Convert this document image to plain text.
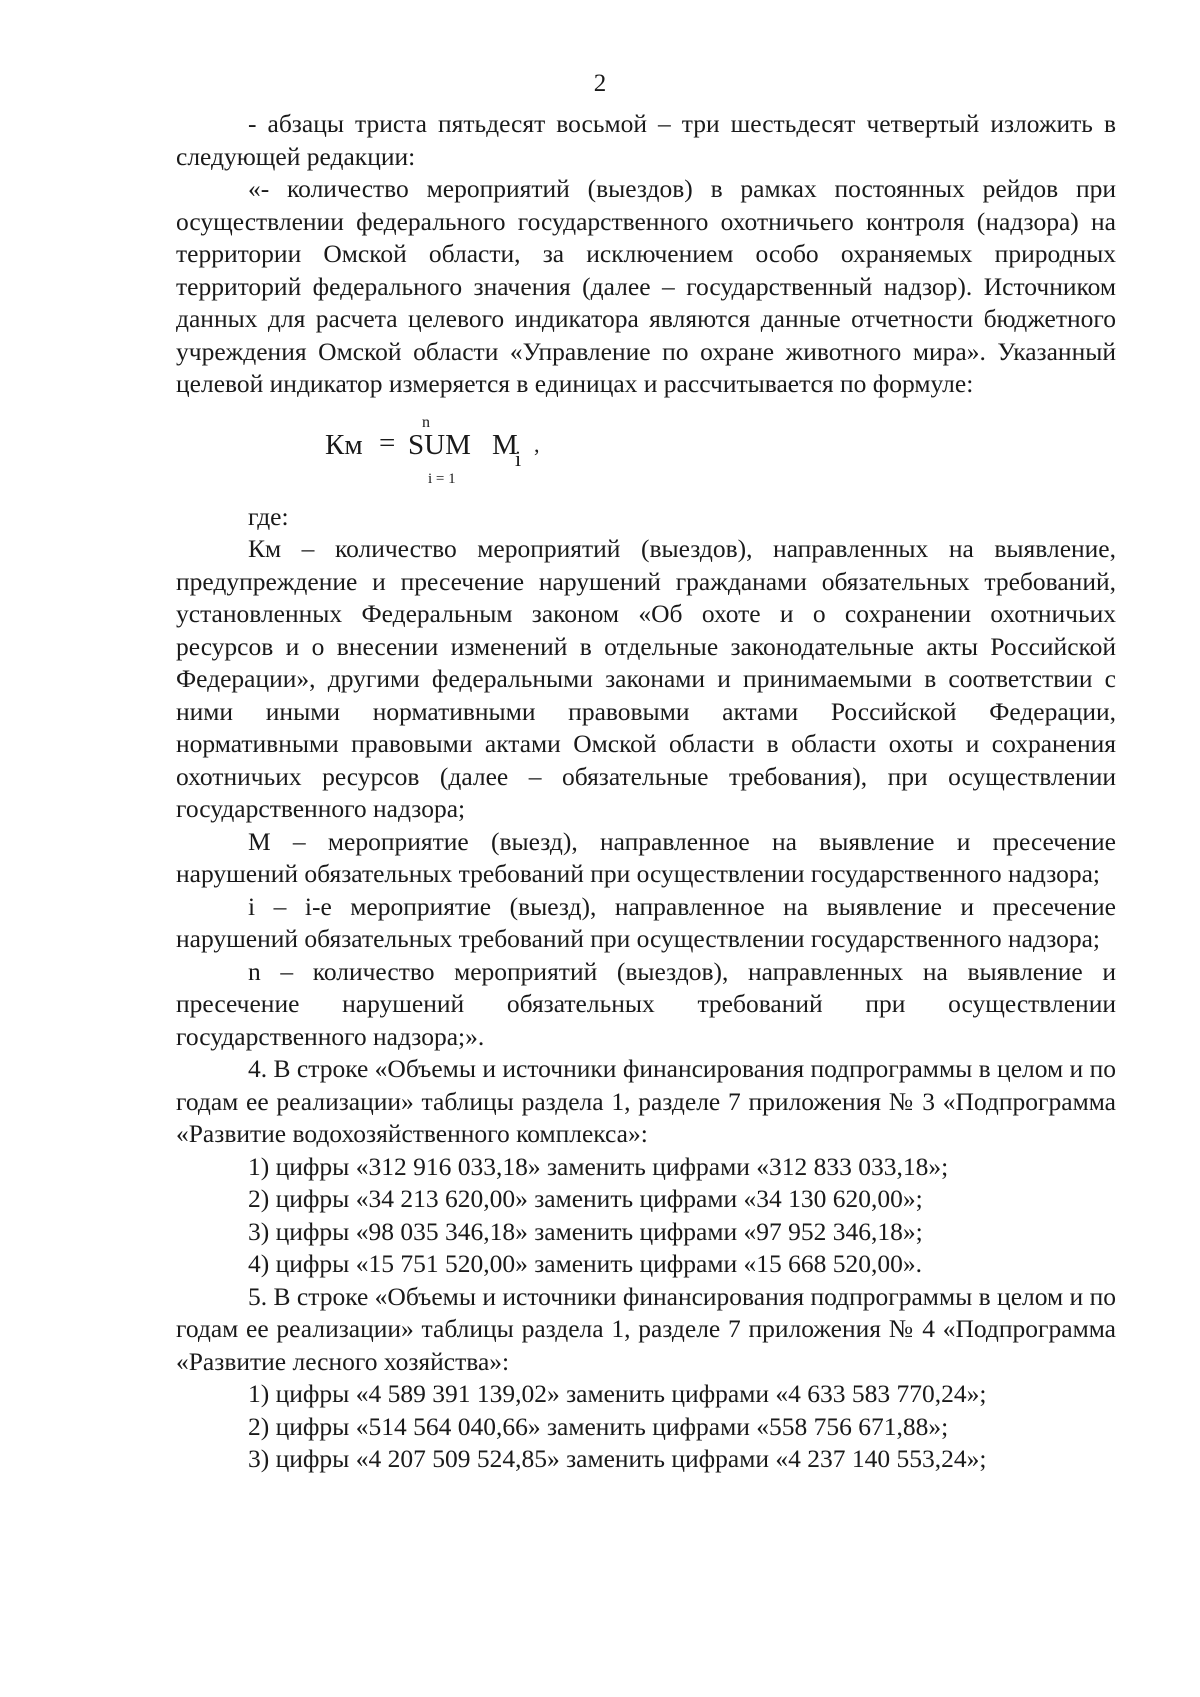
2

- абзацы триста пятьдесят восьмой – три шестьдесят четвертый изложить в следующей редакции:

«- количество мероприятий (выездов) в рамках постоянных рейдов при осуществлении федерального государственного охотничьего контроля (надзора) на территории Омской области, за исключением особо охраняемых природных территорий федерального значения (далее – государственный надзор). Источником данных для расчета целевого индикатора являются данные отчетности бюджетного учреждения Омской области «Управление по охране животного мира». Указанный целевой индикатор измеряется в единицах и рассчитывается по формуле:

n
Км = SUM M
i
,
i = 1

где:

Км – количество мероприятий (выездов), направленных на выявление, предупреждение и пресечение нарушений гражданами обязательных требований, установленных Федеральным законом «Об охоте и о сохранении охотничьих ресурсов и о внесении изменений в отдельные законодательные акты Российской Федерации», другими федеральными законами и принимаемыми в соответствии с ними иными нормативными правовыми актами Российской Федерации, нормативными правовыми актами Омской области в области охоты и сохранения охотничьих ресурсов (далее – обязательные требования), при осуществлении государственного надзора;

М – мероприятие (выезд), направленное на выявление и пресечение нарушений обязательных требований при осуществлении государственного надзора;

i – i-е мероприятие (выезд), направленное на выявление и пресечение нарушений обязательных требований при осуществлении государственного надзора;

n – количество мероприятий (выездов), направленных на выявление и пресечение нарушений обязательных требований при осуществлении государственного надзора;».

4. В строке «Объемы и источники финансирования подпрограммы в целом и по годам ее реализации» таблицы раздела 1, разделе 7 приложения № 3 «Подпрограмма «Развитие водохозяйственного комплекса»:

1) цифры «312 916 033,18» заменить цифрами «312 833 033,18»;

2) цифры «34 213 620,00» заменить цифрами «34 130 620,00»;

3) цифры «98 035 346,18» заменить цифрами «97 952 346,18»;

4) цифры «15 751 520,00» заменить цифрами «15 668 520,00».

5. В строке «Объемы и источники финансирования подпрограммы в целом и по годам ее реализации» таблицы раздела 1, разделе 7 приложения № 4 «Подпрограмма «Развитие лесного хозяйства»:

1) цифры «4 589 391 139,02» заменить цифрами «4 633 583 770,24»;

2) цифры «514 564 040,66» заменить цифрами «558 756 671,88»;

3) цифры «4 207 509 524,85» заменить цифрами «4 237 140 553,24»;
